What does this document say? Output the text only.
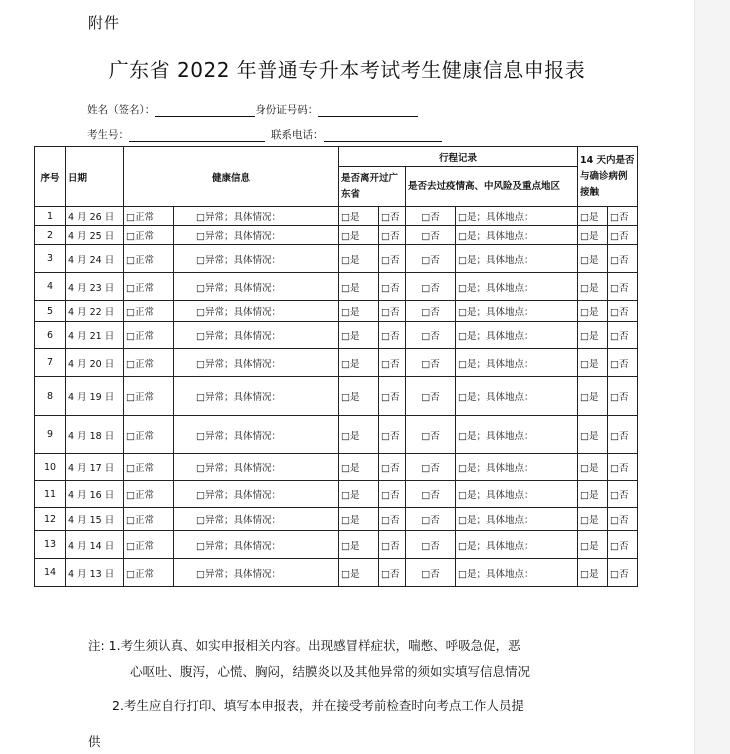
附件
广东省 2022 年普通专升本考试考生健康信息申报表
姓名（签名）：	身份证号码：
考生号：	联系电话：
序号	日期	健康信息		行程记录				14 天内是否与确诊病例接触	
				是否离开过广东省		是否去过疫情高、中风险及重点地区			
1	4 月 26 日	□正常	□异常；具体情况：	□是	□否	□否	□是；具体地点：	□是	□否
2	4 月 25 日	□正常	□异常；具体情况：	□是	□否	□否	□是；具体地点：	□是	□否
3	4 月 24 日	□正常	□异常；具体情况：	□是	□否	□否	□是；具体地点：	□是	□否
4	4 月 23 日	□正常	□异常；具体情况：	□是	□否	□否	□是；具体地点：	□是	□否
5	4 月 22 日	□正常	□异常；具体情况：	□是	□否	□否	□是；具体地点：	□是	□否
6	4 月 21 日	□正常	□异常；具体情况：	□是	□否	□否	□是；具体地点：	□是	□否
7	4 月 20 日	□正常	□异常；具体情况：	□是	□否	□否	□是；具体地点：	□是	□否
8	4 月 19 日	□正常	□异常；具体情况：	□是	□否	□否	□是；具体地点：	□是	□否
9	4 月 18 日	□正常	□异常；具体情况：	□是	□否	□否	□是；具体地点：	□是	□否
10	4 月 17 日	□正常	□异常；具体情况：	□是	□否	□否	□是；具体地点：	□是	□否
11	4 月 16 日	□正常	□异常；具体情况：	□是	□否	□否	□是；具体地点：	□是	□否
12	4 月 15 日	□正常	□异常；具体情况：	□是	□否	□否	□是；具体地点：	□是	□否
13	4 月 14 日	□正常	□异常；具体情况：	□是	□否	□否	□是；具体地点：	□是	□否
14	4 月 13 日	□正常	□异常；具体情况：	□是	□否	□否	□是；具体地点：	□是	□否
注: 1.考生须认真、如实申报相关内容。出现感冒样症状，喘憋、呼吸急促，恶
心呕吐、腹泻，心慌、胸闷，结膜炎以及其他异常的须如实填写信息情况
2.考生应自行打印、填写本申报表，并在接受考前检查时向考点工作人员提
供
